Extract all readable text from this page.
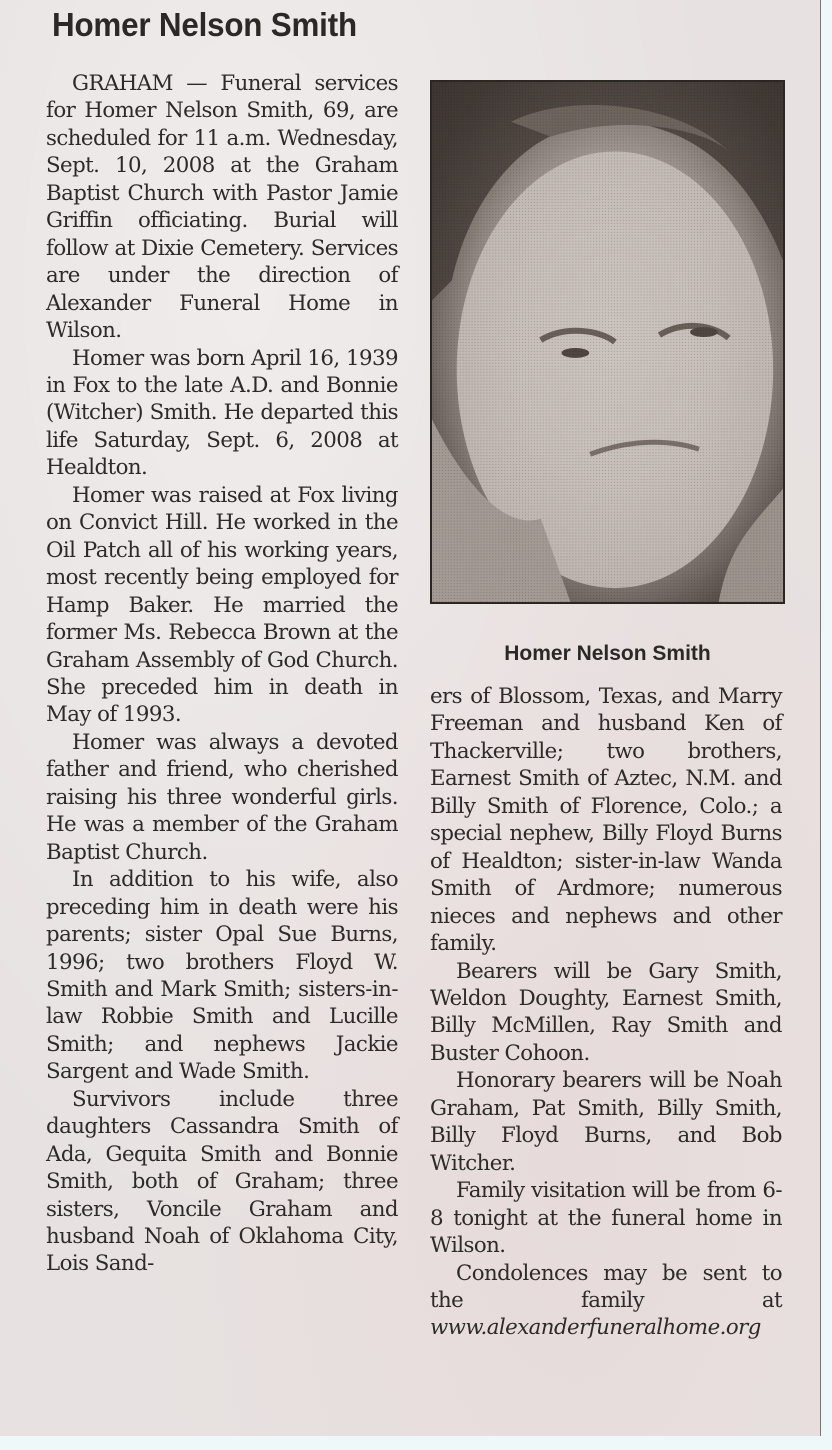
Homer Nelson Smith

GRAHAM — Funeral services for Homer Nelson Smith, 69, are scheduled for 11 a.m. Wednesday, Sept. 10, 2008 at the Graham Baptist Church with Pastor Jamie Griffin officiating. Burial will follow at Dixie Cemetery. Services are under the direction of Alexander Funeral Home in Wilson.

Homer was born April 16, 1939 in Fox to the late A.D. and Bonnie (Witcher) Smith. He departed this life Saturday, Sept. 6, 2008 at Healdton.

Homer was raised at Fox living on Convict Hill. He worked in the Oil Patch all of his working years, most recently being employed for Hamp Baker. He married the former Ms. Rebecca Brown at the Graham Assembly of God Church. She preceded him in death in May of 1993.

Homer was always a devoted father and friend, who cherished raising his three wonderful girls. He was a member of the Graham Baptist Church.

In addition to his wife, also preceding him in death were his parents; sister Opal Sue Burns, 1996; two brothers Floyd W. Smith and Mark Smith; sisters-in-law Robbie Smith and Lucille Smith; and nephews Jackie Sargent and Wade Smith.

Survivors include three daughters Cassandra Smith of Ada, Gequita Smith and Bonnie Smith, both of Graham; three sisters, Voncile Graham and husband Noah of Oklahoma City, Lois Sand-

Homer Nelson Smith

ers of Blossom, Texas, and Marry Freeman and husband Ken of Thackerville; two brothers, Earnest Smith of Aztec, N.M. and Billy Smith of Florence, Colo.; a special nephew, Billy Floyd Burns of Healdton; sister-in-law Wanda Smith of Ardmore; numerous nieces and nephews and other family.

Bearers will be Gary Smith, Weldon Doughty, Earnest Smith, Billy McMillen, Ray Smith and Buster Cohoon.

Honorary bearers will be Noah Graham, Pat Smith, Billy Smith, Billy Floyd Burns, and Bob Witcher.

Family visitation will be from 6-8 tonight at the funeral home in Wilson.

Condolences may be sent to the family at www.alexanderfuneralhome.org
